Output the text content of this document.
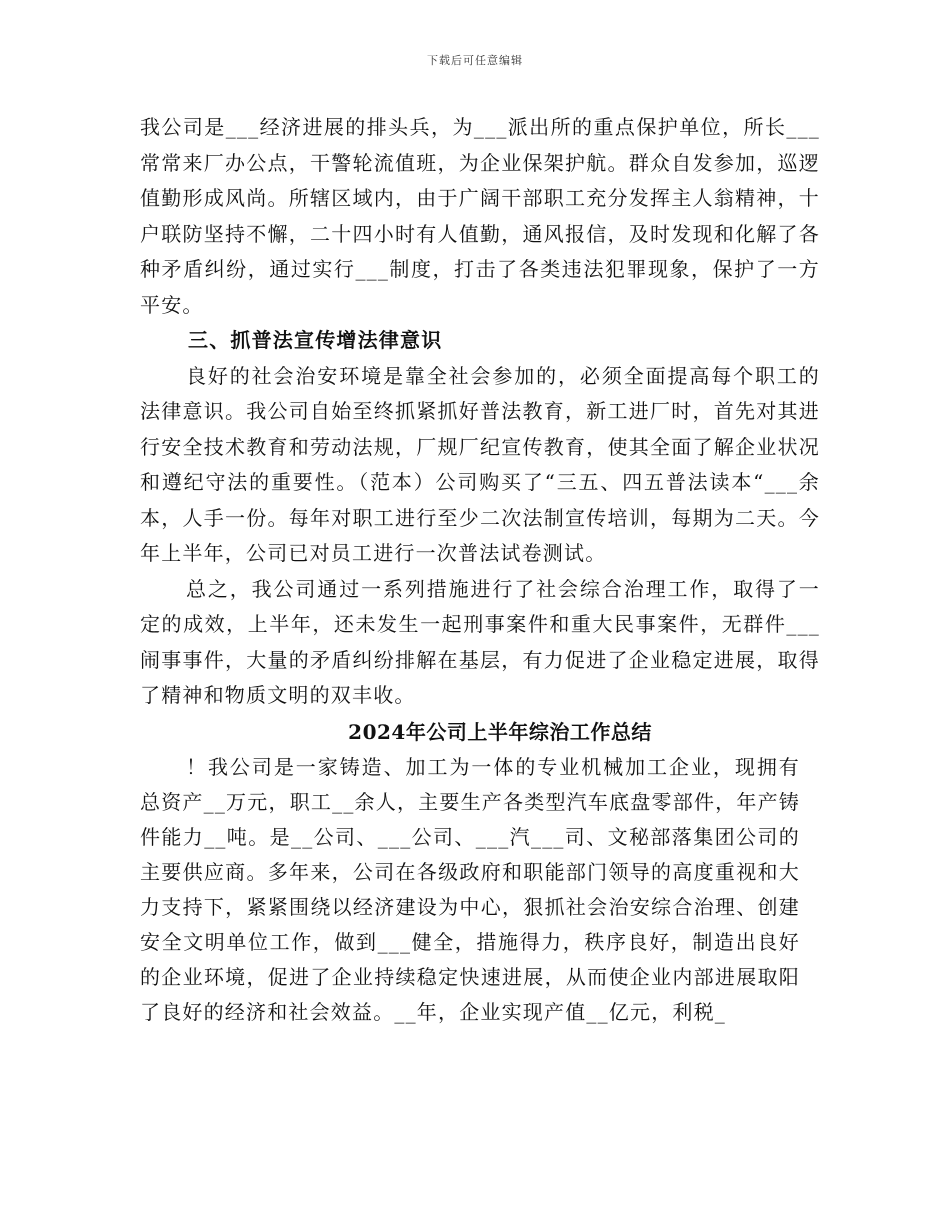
下载后可任意编辑

我公司是___经济进展的排头兵，为___派出所的重点保护单位，所长___常常来厂办公点，干警轮流值班，为企业保架护航。群众自发参加，巡逻值勤形成风尚。所辖区域内，由于广阔干部职工充分发挥主人翁精神，十户联防坚持不懈，二十四小时有人值勤，通风报信，及时发现和化解了各种矛盾纠纷，通过实行___制度，打击了各类违法犯罪现象，保护了一方平安。

三、抓普法宣传增法律意识

良好的社会治安环境是靠全社会参加的，必须全面提高每个职工的法律意识。我公司自始至终抓紧抓好普法教育，新工进厂时，首先对其进行安全技术教育和劳动法规，厂规厂纪宣传教育，使其全面了解企业状况和遵纪守法的重要性。（范本）公司购买了“三五、四五普法读本“___余本，人手一份。每年对职工进行至少二次法制宣传培训，每期为二天。今年上半年，公司已对员工进行一次普法试卷测试。

总之，我公司通过一系列措施进行了社会综合治理工作，取得了一定的成效，上半年，还未发生一起刑事案件和重大民事案件，无群件___闹事事件，大量的矛盾纠纷排解在基层，有力促进了企业稳定进展，取得了精神和物质文明的双丰收。

2024年公司上半年综治工作总结

！我公司是一家铸造、加工为一体的专业机械加工企业，现拥有总资产__万元，职工__余人，主要生产各类型汽车底盘零部件，年产铸件能力__吨。是__公司、___公司、___汽___司、文秘部落集团公司的主要供应商。多年来，公司在各级政府和职能部门领导的高度重视和大力支持下，紧紧围绕以经济建设为中心，狠抓社会治安综合治理、创建安全文明单位工作，做到___健全，措施得力，秩序良好，制造出良好的企业环境，促进了企业持续稳定快速进展，从而使企业内部进展取阳了良好的经济和社会效益。__年，企业实现产值__亿元，利税_
